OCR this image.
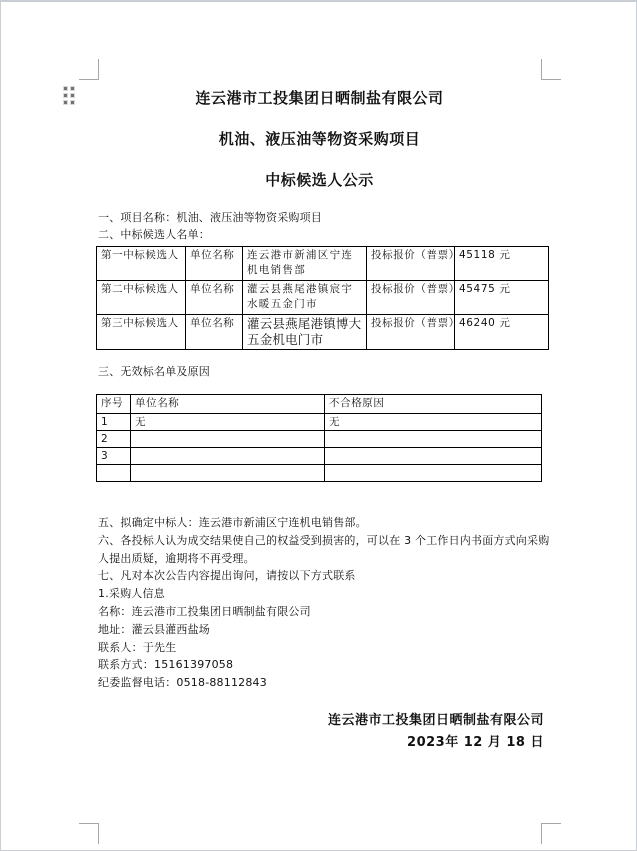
连云港市工投集团日晒制盐有限公司
机油、液压油等物资采购项目
中标候选人公示
一、项目名称：机油、液压油等物资采购项目
二、中标候选人名单：
第一中标候选人	单位名称	连云港市新浦区宁连机电销售部	投标报价（普票）	45118 元
第二中标候选人	单位名称	灌云县燕尾港镇宸宇水暖五金门市	投标报价（普票）	45475 元
第三中标候选人	单位名称	灌云县燕尾港镇博大五金机电门市	投标报价（普票）	46240 元
三、无效标名单及原因
序号	单位名称	不合格原因
1	无	无
2		
3		

五、拟确定中标人：连云港市新浦区宁连机电销售部。
六、各投标人认为成交结果使自己的权益受到损害的，可以在 3 个工作日内书面方式向采购
人提出质疑，逾期将不再受理。
七、凡对本次公告内容提出询问，请按以下方式联系
1.采购人信息
名称：连云港市工投集团日晒制盐有限公司
地址：灌云县灌西盐场
联系人：于先生
联系方式：15161397058
纪委监督电话：0518-88112843
连云港市工投集团日晒制盐有限公司
2023年 12 月 18 日
